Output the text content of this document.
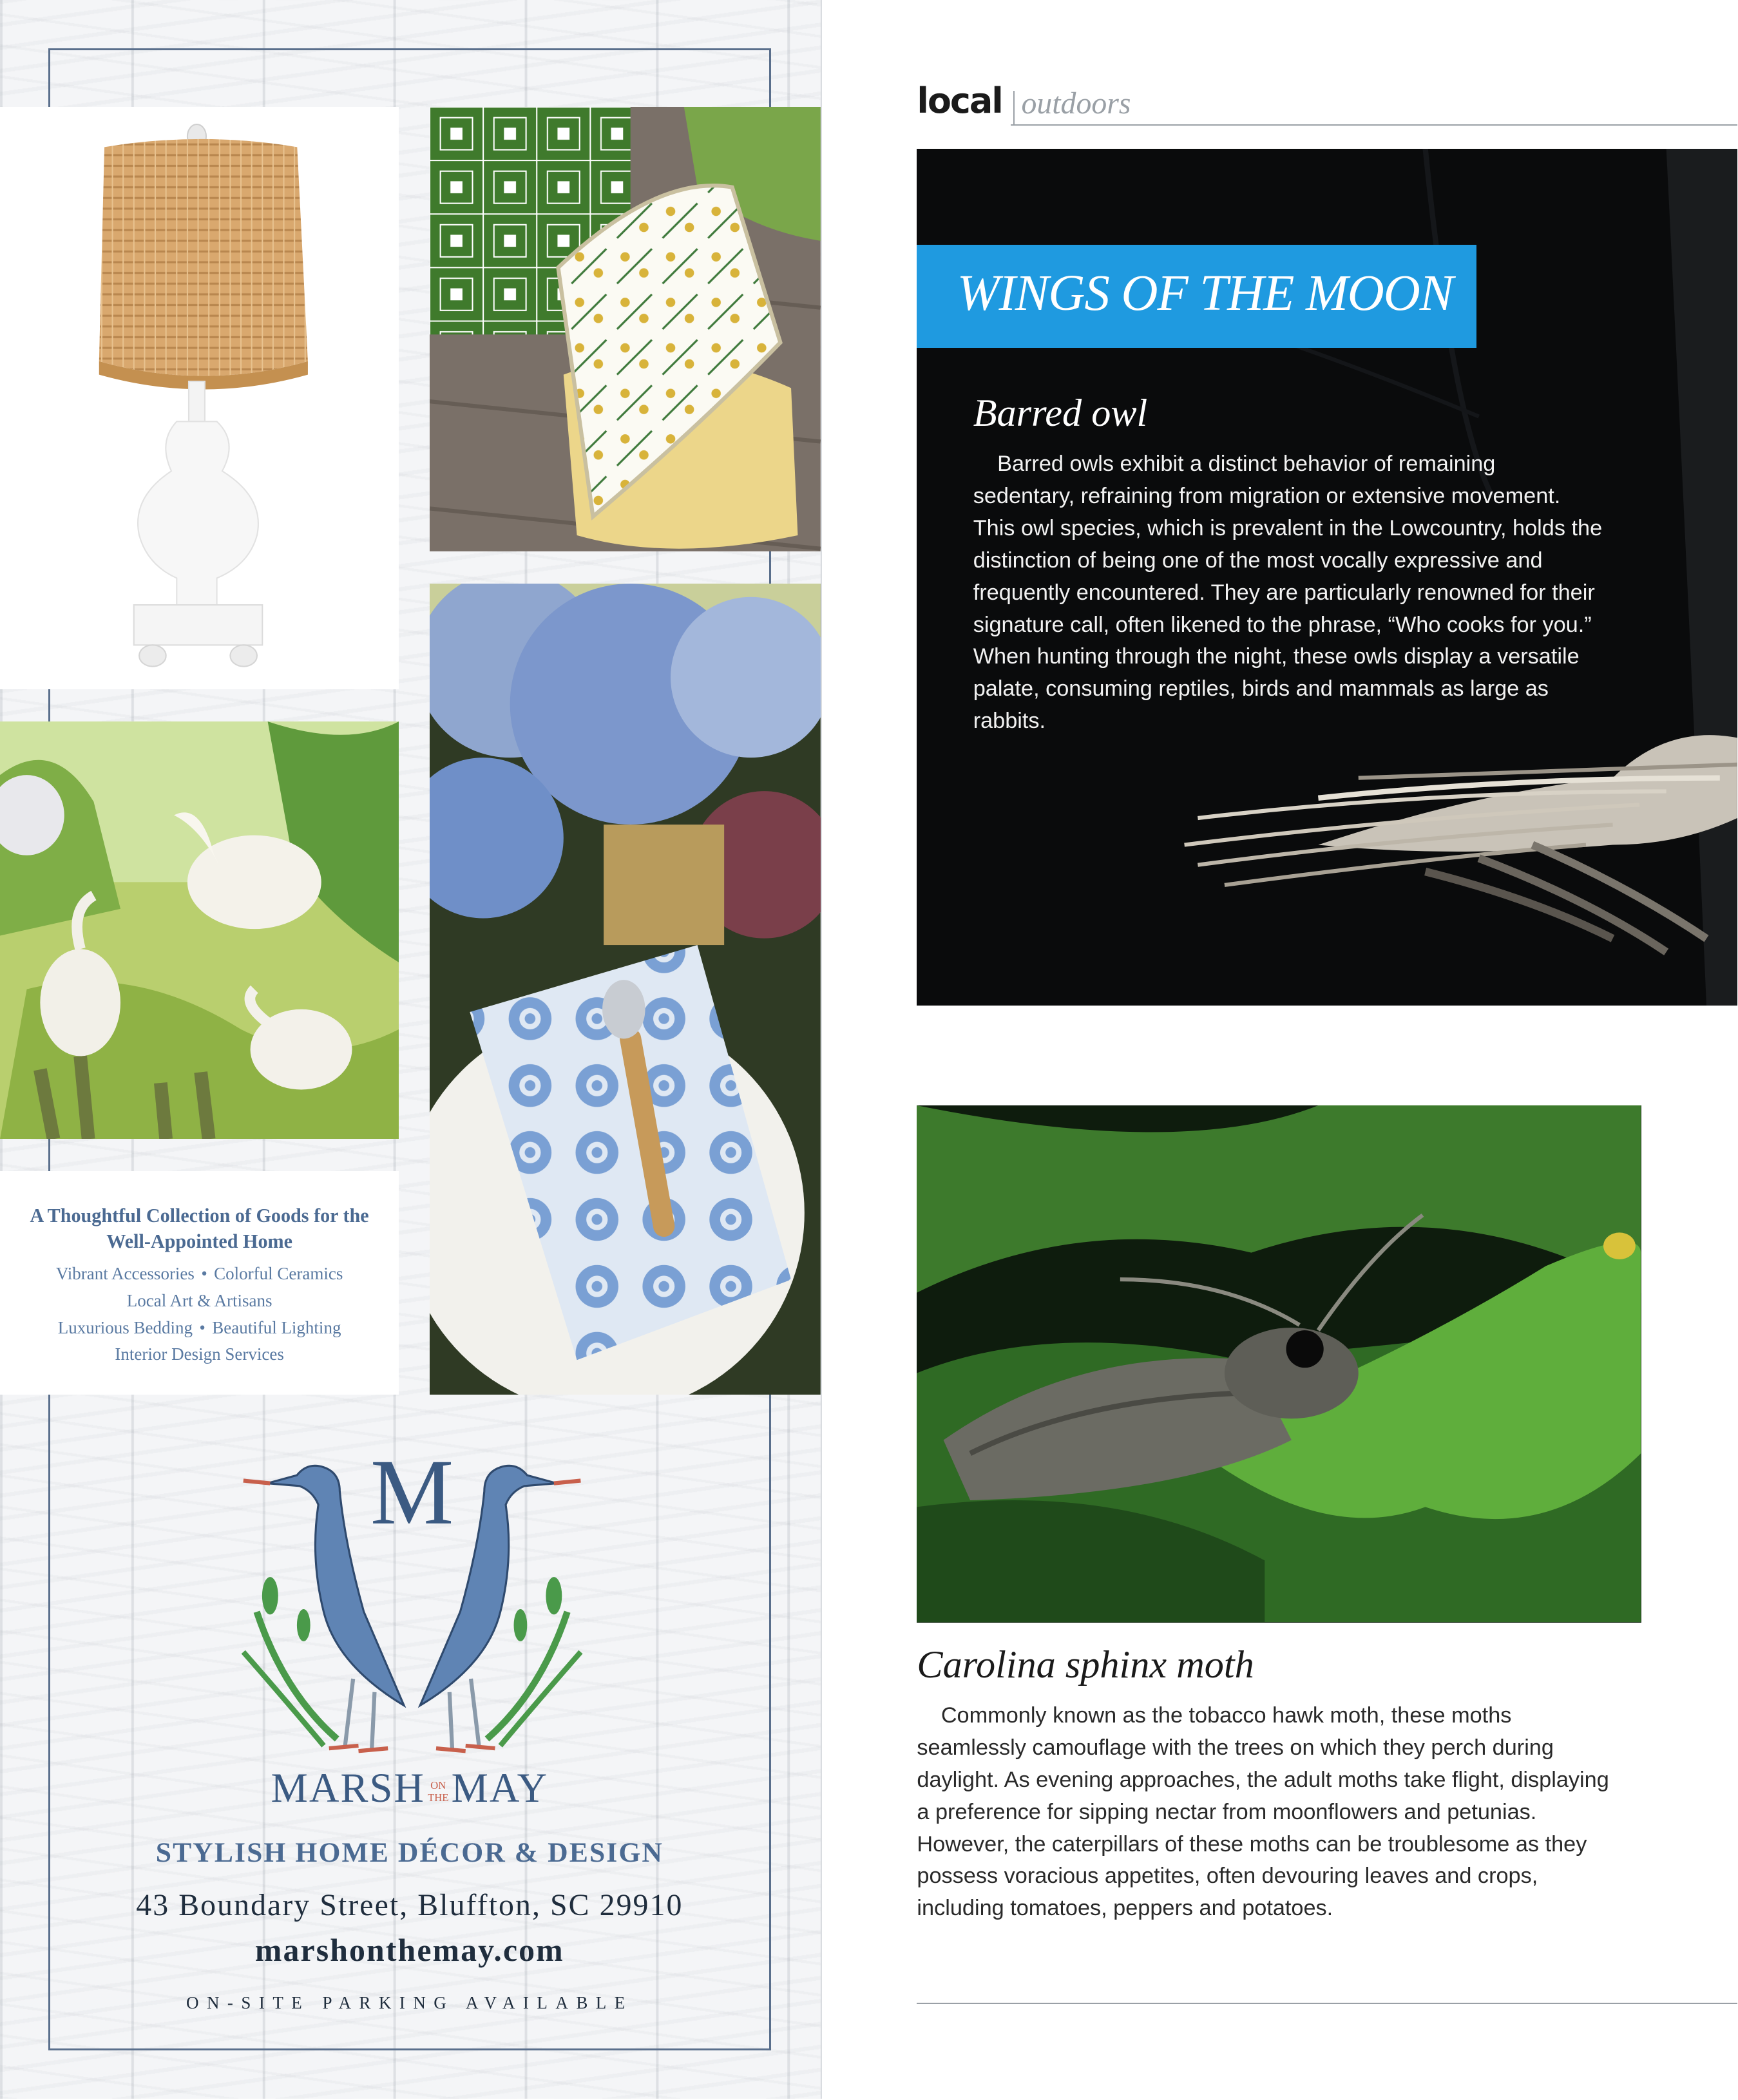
A Thoughtful Collection of Goods for the Well-Appointed Home
Vibrant Accessories • Colorful Ceramics
Local Art & Artisans
Luxurious Bedding • Beautiful Lighting
Interior Design Services
M
MARSH ON
THE MAY
STYLISH HOME DÉCOR & DESIGN
43 Boundary Street, Bluffton, SC 29910
marshonthemay.com
ON-SITE PARKING AVAILABLE
local outdoors
WINGS OF THE MOON
Barred owl
Barred owls exhibit a distinct behavior of remaining sedentary, refraining from migration or extensive movement. This owl species, which is prevalent in the Lowcountry, holds the distinction of being one of the most vocally expressive and frequently encountered. They are particularly renowned for their signature call, often likened to the phrase, “Who cooks for you.” When hunting through the night, these owls display a versatile palate, consuming reptiles, birds and mammals as large as rabbits.
Carolina sphinx moth
Commonly known as the tobacco hawk moth, these moths seamlessly camouflage with the trees on which they perch during daylight. As evening approaches, the adult moths take flight, displaying a preference for sipping nectar from moonflowers and petunias. However, the caterpillars of these moths can be troublesome as they possess voracious appetites, often devouring leaves and crops, including tomatoes, peppers and potatoes.
